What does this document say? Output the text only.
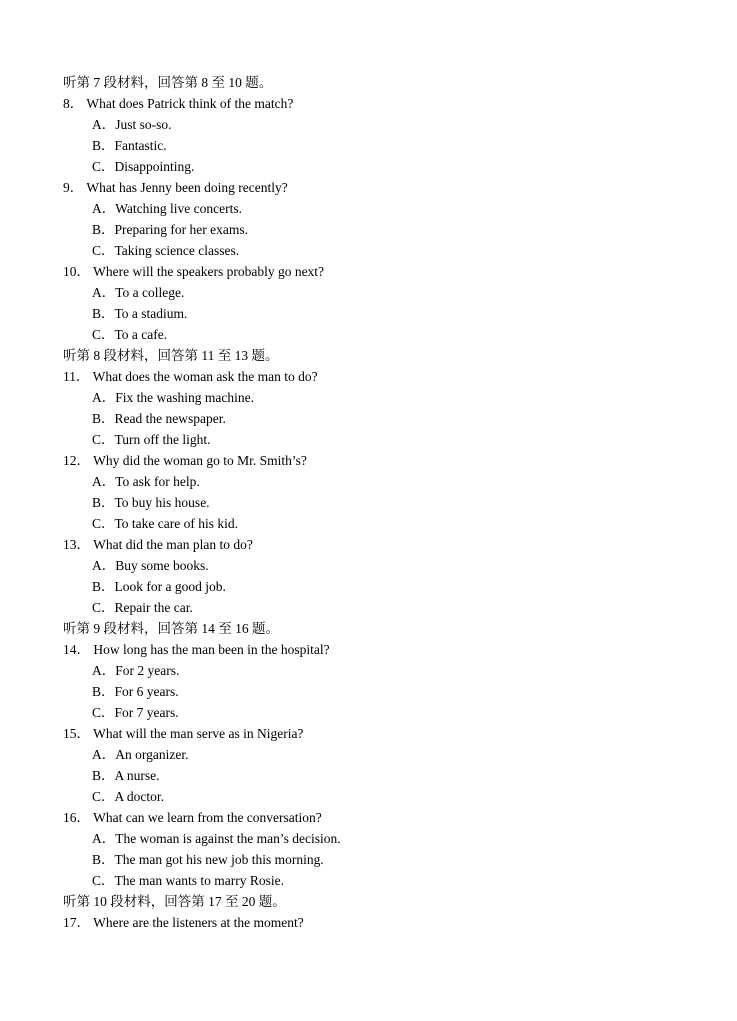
听第 7 段材料，回答第 8 至 10 题。
8． What does Patrick think of the match?
A．Just so-so.
B．Fantastic.
C．Disappointing.
9． What has Jenny been doing recently?
A．Watching live concerts.
B．Preparing for her exams.
C．Taking science classes.
10． Where will the speakers probably go next?
A．To a college.
B．To a stadium.
C．To a cafe.
听第 8 段材料，回答第 11 至 13 题。
11． What does the woman ask the man to do?
A．Fix the washing machine.
B．Read the newspaper.
C．Turn off the light.
12． Why did the woman go to Mr. Smith’s?
A．To ask for help.
B．To buy his house.
C．To take care of his kid.
13． What did the man plan to do?
A．Buy some books.
B．Look for a good job.
C．Repair the car.
听第 9 段材料，回答第 14 至 16 题。
14． How long has the man been in the hospital?
A．For 2 years.
B．For 6 years.
C．For 7 years.
15． What will the man serve as in Nigeria?
A．An organizer.
B．A nurse.
C．A doctor.
16． What can we learn from the conversation?
A．The woman is against the man’s decision.
B．The man got his new job this morning.
C．The man wants to marry Rosie.
听第 10 段材料，回答第 17 至 20 题。
17． Where are the listeners at the moment?
